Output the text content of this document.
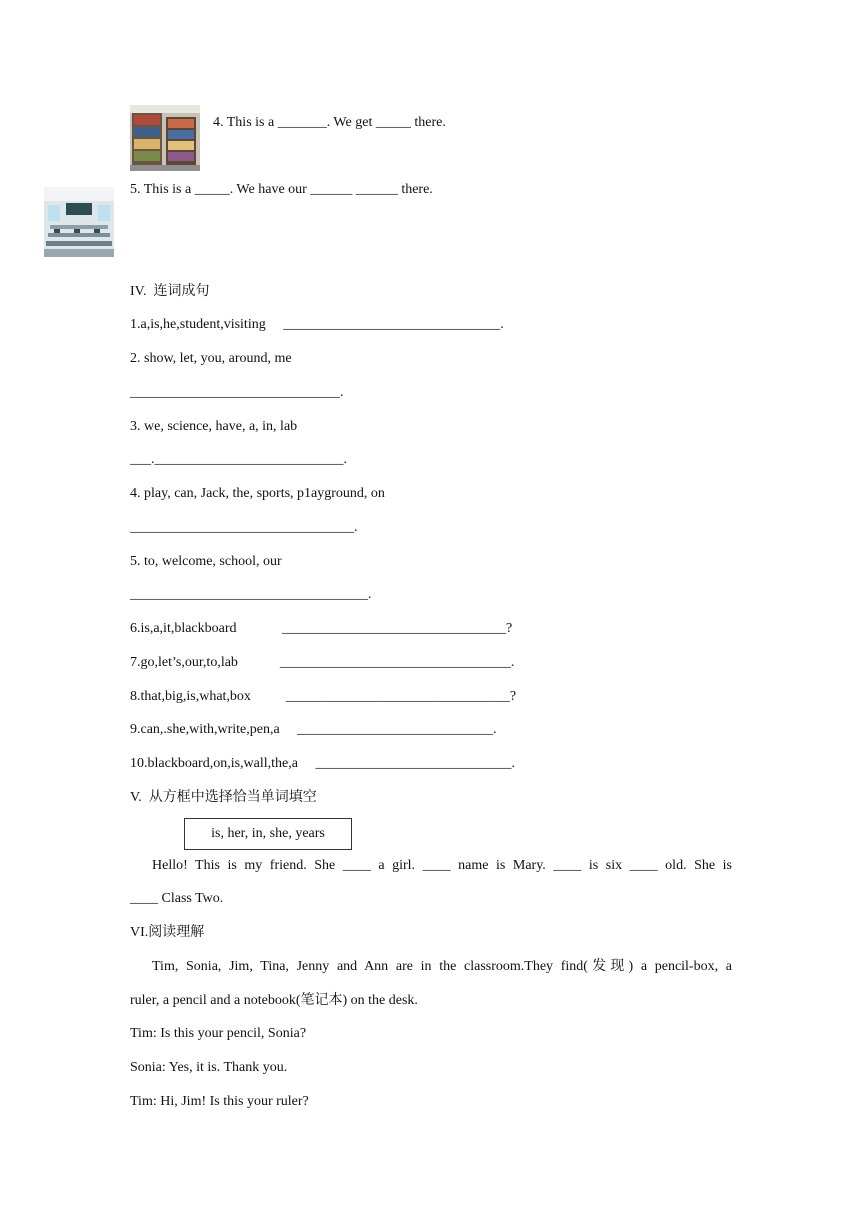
4. This is a _______. We get _____ there.
5. This is a _____. We have our ______ ______ there.
IV.  连词成句
1.a,is,he,student,visiting     _______________________________.
2. show, let, you, around, me
______________________________.
3. we, science, have, a, in, lab
___.___________________________.
4. play, can, Jack, the, sports, p1ayground, on
________________________________.
5. to, welcome, school, our
__________________________________.
6.is,a,it,blackboard             ________________________________?
7.go,let’s,our,to,lab            _________________________________.
8.that,big,is,what,box          ________________________________?
9.can,.she,with,write,pen,a     ____________________________.
10.blackboard,on,is,wall,the,a     ____________________________.
V.  从方框中选择恰当单词填空
is, her, in, she, years
Hello! This is my friend. She ____ a girl. ____ name is Mary. ____ is six ____ old. She is
____ Class Two.
VI.阅读理解
Tim, Sonia, Jim, Tina, Jenny and Ann are in the classroom.They find(发现) a pencil-box, a
ruler, a pencil and a notebook(笔记本) on the desk.
Tim: Is this your pencil, Sonia?
Sonia: Yes, it is. Thank you.
Tim: Hi, Jim! Is this your ruler?
